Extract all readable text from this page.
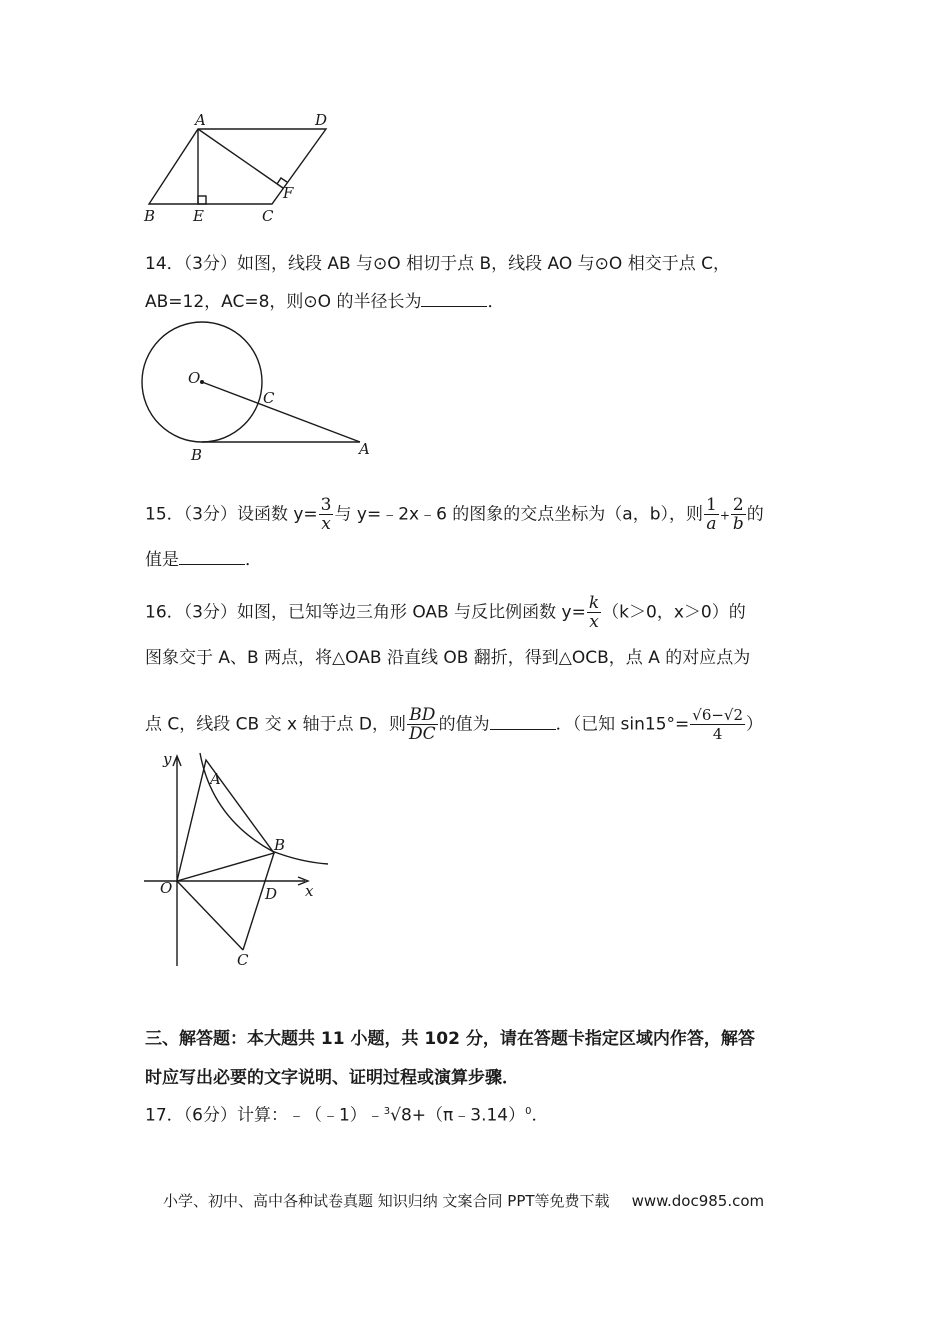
A	D
B	E	C
F
14．（3分）如图，线段 AB 与⊙O 相切于点 B，线段 AO 与⊙O 相交于点 C，
AB=12，AC=8，则⊙O 的半径长为	．
O
C
B	A
15．（3分）设函数 $y= \frac{3}{x}$ 与 y=﹣2x﹣6 的图象的交点坐标为（a，b），则 $\frac{1}{a} + \frac{2}{b}$ 的
值是	．
16．（3分）如图，已知等边三角形 OAB 与反比例函数 $y= \frac{k}{x} (k>0$，x＞0）的
图象交于 A、B 两点，将△OAB 沿直线 OB 翻折，得到△OCB，点 A 的对应点为
点 C，线段 CB 交 x 轴于点 D，则 $\frac{BD}{DC}$ 的值为	．（已知 $\sin 15^\circ= \frac{√6-√2}{4}$ ）
y
A
B
O	D x
C
三、解答题：本大题共 11 小题，共 102 分，请在答题卡指定区域内作答，解答
时应写出必要的文字说明、证明过程或演算步骤．
17．（6分）计算：﹣（﹣1）﹣$^3$√8+（π﹣3.14）$^0$．
小学、初中、高中各种试卷真题 知识归纳 文案合同 PPT等免费下载 www.doc985.com
